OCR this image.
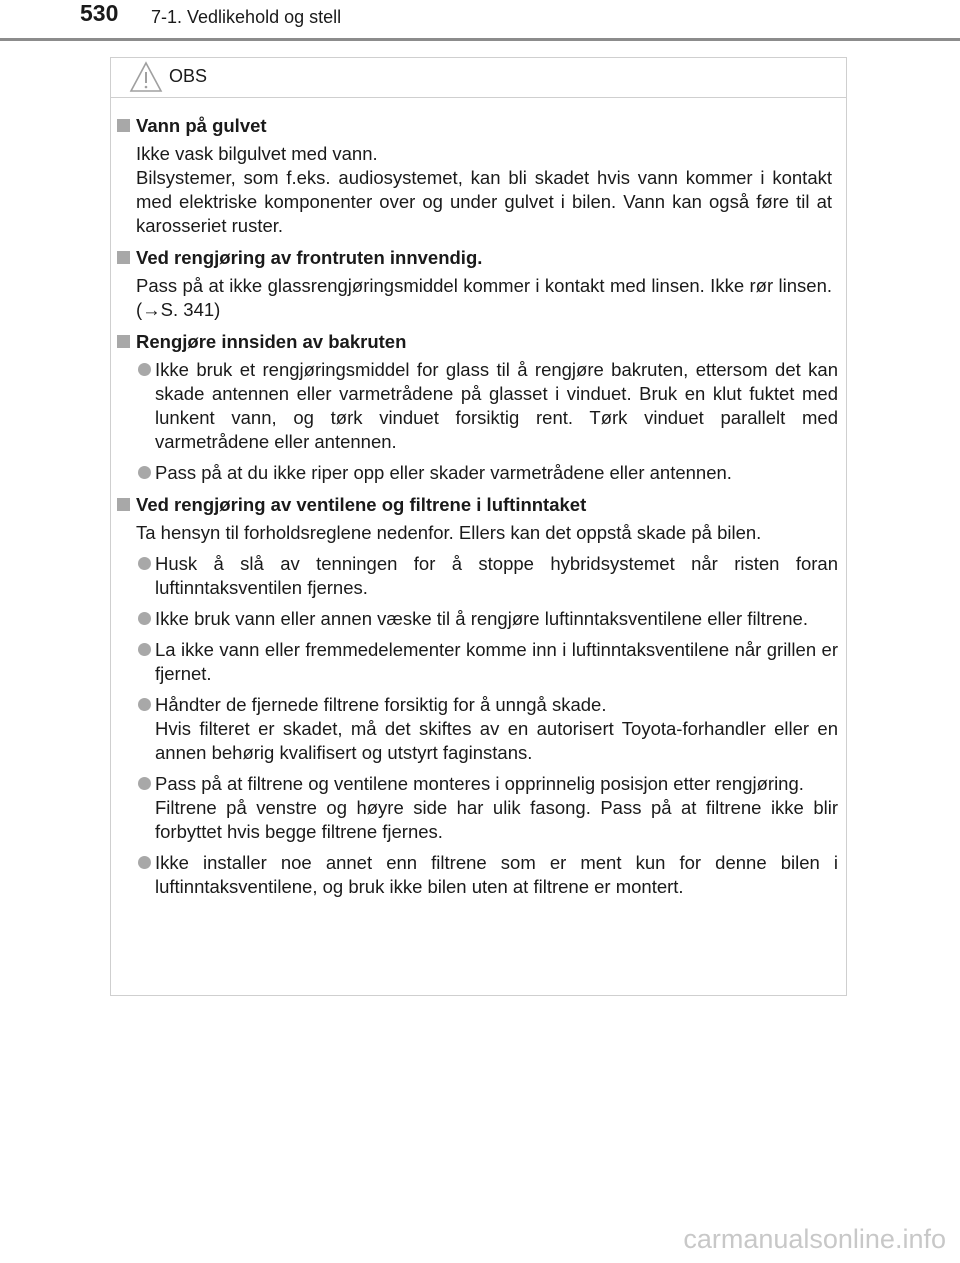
530 7-1. Vedlikehold og stell
OBS
Vann på gulvet
Ikke vask bilgulvet med vann.
Bilsystemer, som f.eks. audiosystemet, kan bli skadet hvis vann kommer i kontakt med elektriske komponenter over og under gulvet i bilen. Vann kan også føre til at karosseriet ruster.
Ved rengjøring av frontruten innvendig.
Pass på at ikke glassrengjøringsmiddel kommer i kontakt med linsen. Ikke rør linsen. (→S. 341)
Rengjøre innsiden av bakruten
Ikke bruk et rengjøringsmiddel for glass til å rengjøre bakruten, ettersom det kan skade antennen eller varmetrådene på glasset i vinduet. Bruk en klut fuktet med lunkent vann, og tørk vinduet forsiktig rent. Tørk vinduet parallelt med varmetrådene eller antennen.
Pass på at du ikke riper opp eller skader varmetrådene eller antennen.
Ved rengjøring av ventilene og filtrene i luftinntaket
Ta hensyn til forholdsreglene nedenfor. Ellers kan det oppstå skade på bilen.
Husk å slå av tenningen for å stoppe hybridsystemet når risten foran luftinntaksventilen fjernes.
Ikke bruk vann eller annen væske til å rengjøre luftinntaksventilene eller filtrene.
La ikke vann eller fremmedelementer komme inn i luftinntaksventilene når grillen er fjernet.
Håndter de fjernede filtrene forsiktig for å unngå skade.
Hvis filteret er skadet, må det skiftes av en autorisert Toyota-forhandler eller en annen behørig kvalifisert og utstyrt faginstans.
Pass på at filtrene og ventilene monteres i opprinnelig posisjon etter rengjøring.
Filtrene på venstre og høyre side har ulik fasong. Pass på at filtrene ikke blir forbyttet hvis begge filtrene fjernes.
Ikke installer noe annet enn filtrene som er ment kun for denne bilen i luftinntaksventilene, og bruk ikke bilen uten at filtrene er montert.
carmanualsonline.info
